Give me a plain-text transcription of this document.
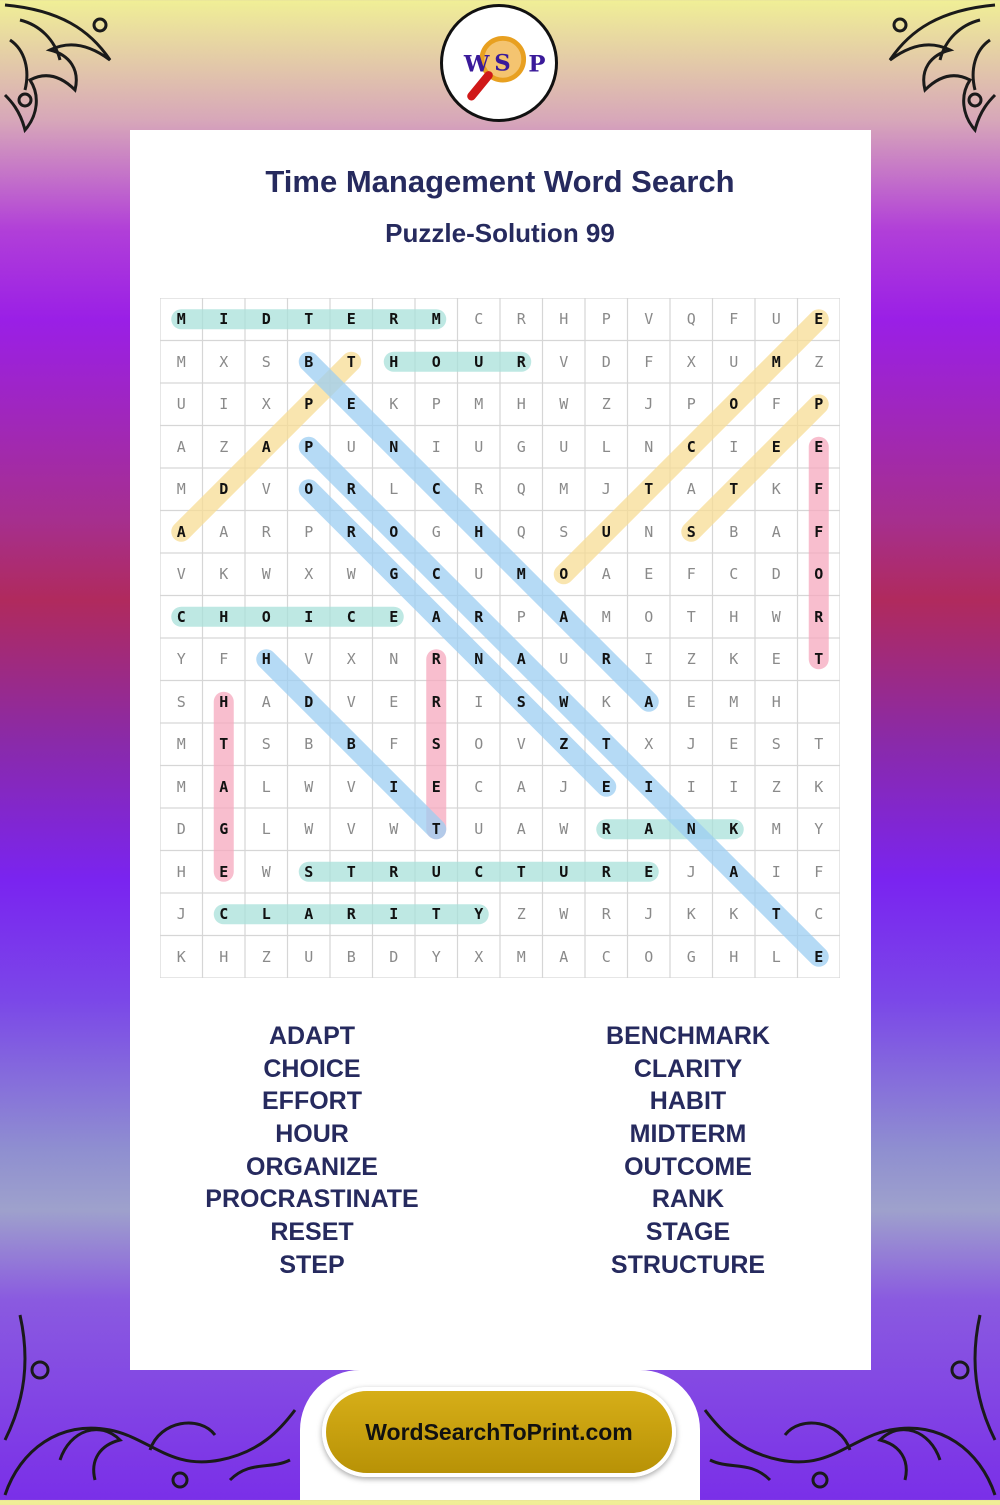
W S P
Time Management Word Search
Puzzle-Solution 99
M	I	D	T	E	R	M	C	R	H	P	V	Q	F	U	E
M	X	S	B	T	H	O	U	R	V	D	F	X	U	M	Z
U	I	X	P	E	K	P	M	H	W	Z	J	P	O	F	P
A	Z	A	P	U	N	I	U	G	U	L	N	C	I	E	E
M	D	V	O	R	L	C	R	Q	M	J	T	A	T	K	F
A	A	R	P	R	O	G	H	Q	S	U	N	S	B	A	F
V	K	W	X	W	G	C	U	M	O	A	E	F	C	D	O
C	H	O	I	C	E	A	R	P	A	M	O	T	H	W	R
Y	F	H	V	X	N	R	N	A	U	R	I	Z	K	E	T
S	H	A	D	V	E	R	I	S	W	K	A	E	M	H
M	T	S	B	B	F	S	O	V	Z	T	X	J	E	S	T
M	A	L	W	V	I	E	C	A	J	E	I	I	I	Z	K
D	G	L	W	V	W	T	U	A	W	R	A	N	K	M	Y
H	E	W	S	T	R	U	C	T	U	R	E	J	A	I	F
J	C	L	A	R	I	T	Y	Z	W	R	J	K	K	T	C
K	H	Z	U	B	D	Y	X	M	A	C	O	G	H	L	E
ADAPT
CHOICE
EFFORT
HOUR
ORGANIZE
PROCRASTINATE
RESET
STEP
BENCHMARK
CLARITY
HABIT
MIDTERM
OUTCOME
RANK
STAGE
STRUCTURE
WordSearchToPrint.com
